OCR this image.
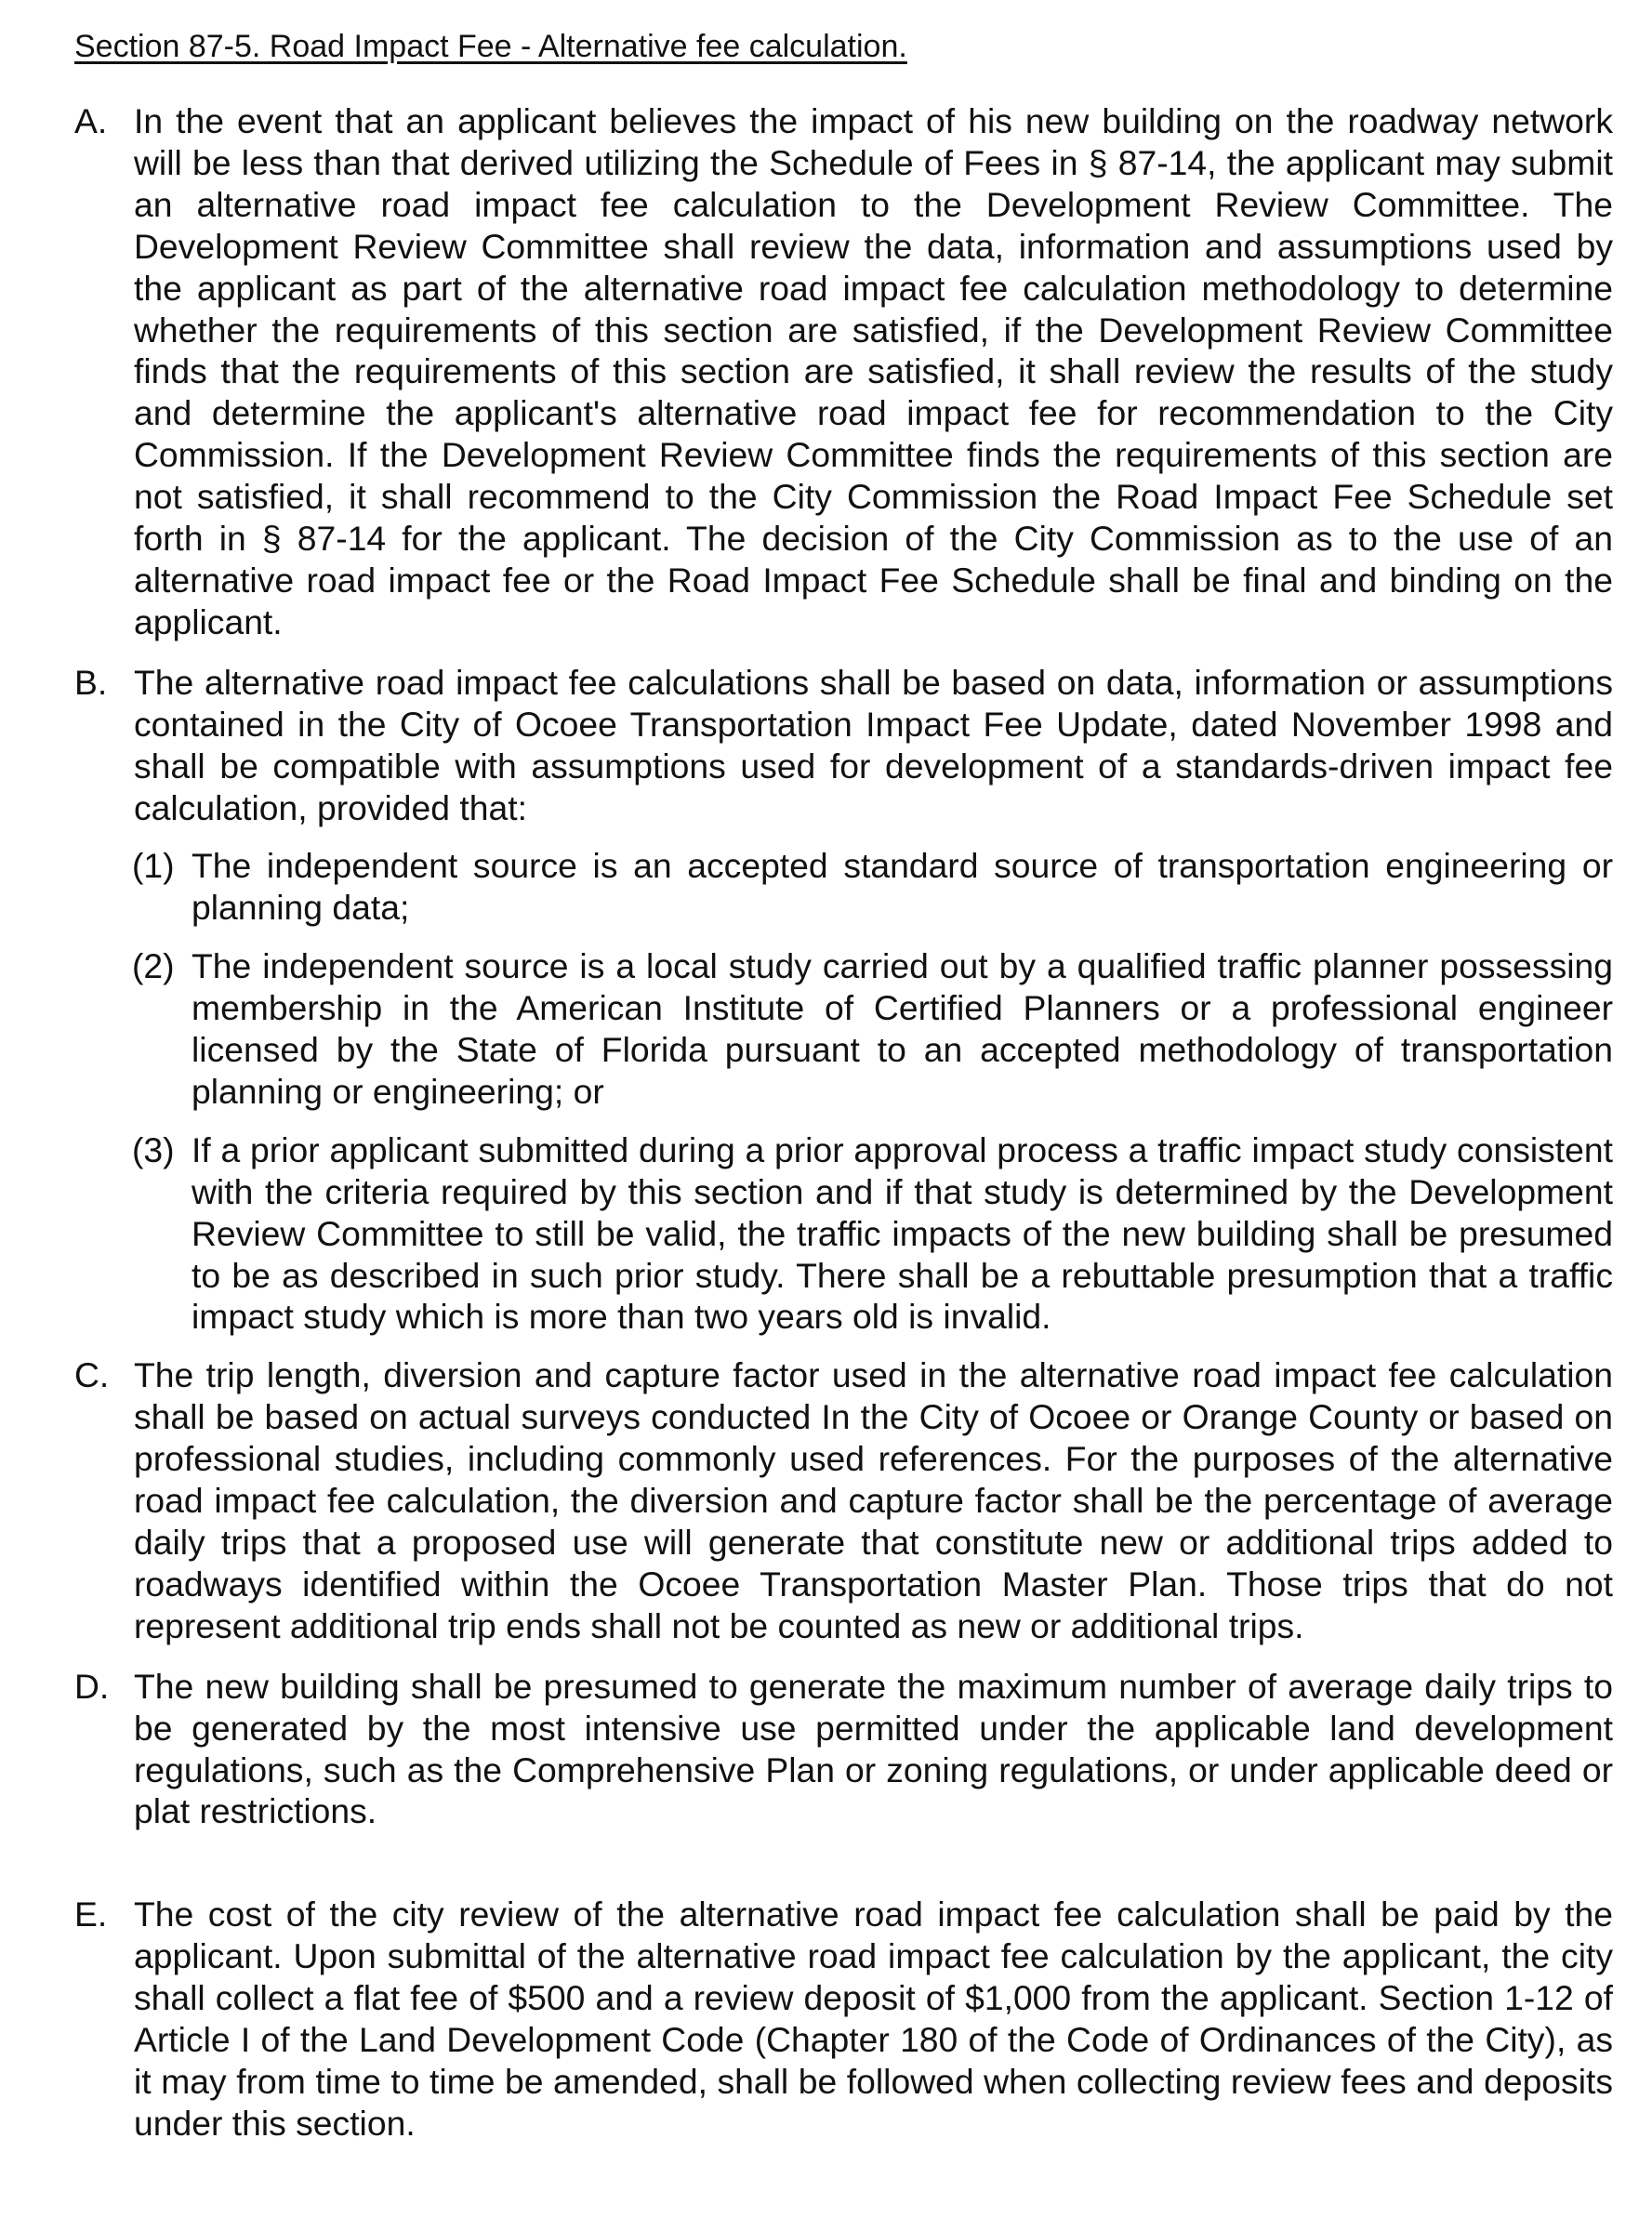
Section 87-5. Road Impact Fee - Alternative fee calculation.
A. In the event that an applicant believes the impact of his new building on the roadway network will be less than that derived utilizing the Schedule of Fees in § 87-14, the applicant may submit an alternative road impact fee calculation to the Development Review Committee. The Development Review Committee shall review the data, information and assumptions used by the applicant as part of the alternative road impact fee calculation methodology to determine whether the requirements of this section are satisfied, if the Development Review Committee finds that the requirements of this section are satisfied, it shall review the results of the study and determine the applicant's alternative road impact fee for recommendation to the City Commission. If the Development Review Committee finds the requirements of this section are not satisfied, it shall recommend to the City Commission the Road Impact Fee Schedule set forth in § 87-14 for the applicant. The decision of the City Commission as to the use of an alternative road impact fee or the Road Impact Fee Schedule shall be final and binding on the applicant.
B. The alternative road impact fee calculations shall be based on data, information or assumptions contained in the City of Ocoee Transportation Impact Fee Update, dated November 1998 and shall be compatible with assumptions used for development of a standards-driven impact fee calculation, provided that:
(1) The independent source is an accepted standard source of transportation engineering or planning data;
(2) The independent source is a local study carried out by a qualified traffic planner possessing membership in the American Institute of Certified Planners or a professional engineer licensed by the State of Florida pursuant to an accepted methodology of transportation planning or engineering; or
(3) If a prior applicant submitted during a prior approval process a traffic impact study consistent with the criteria required by this section and if that study is determined by the Development Review Committee to still be valid, the traffic impacts of the new building shall be presumed to be as described in such prior study. There shall be a rebuttable presumption that a traffic impact study which is more than two years old is invalid.
C. The trip length, diversion and capture factor used in the alternative road impact fee calculation shall be based on actual surveys conducted In the City of Ocoee or Orange County or based on professional studies, including commonly used references. For the purposes of the alternative road impact fee calculation, the diversion and capture factor shall be the percentage of average daily trips that a proposed use will generate that constitute new or additional trips added to roadways identified within the Ocoee Transportation Master Plan. Those trips that do not represent additional trip ends shall not be counted as new or additional trips.
D. The new building shall be presumed to generate the maximum number of average daily trips to be generated by the most intensive use permitted under the applicable land development regulations, such as the Comprehensive Plan or zoning regulations, or under applicable deed or plat restrictions.
E. The cost of the city review of the alternative road impact fee calculation shall be paid by the applicant. Upon submittal of the alternative road impact fee calculation by the applicant, the city shall collect a flat fee of $500 and a review deposit of $1,000 from the applicant. Section 1-12 of Article I of the Land Development Code (Chapter 180 of the Code of Ordinances of the City), as it may from time to time be amended, shall be followed when collecting review fees and deposits under this section.
